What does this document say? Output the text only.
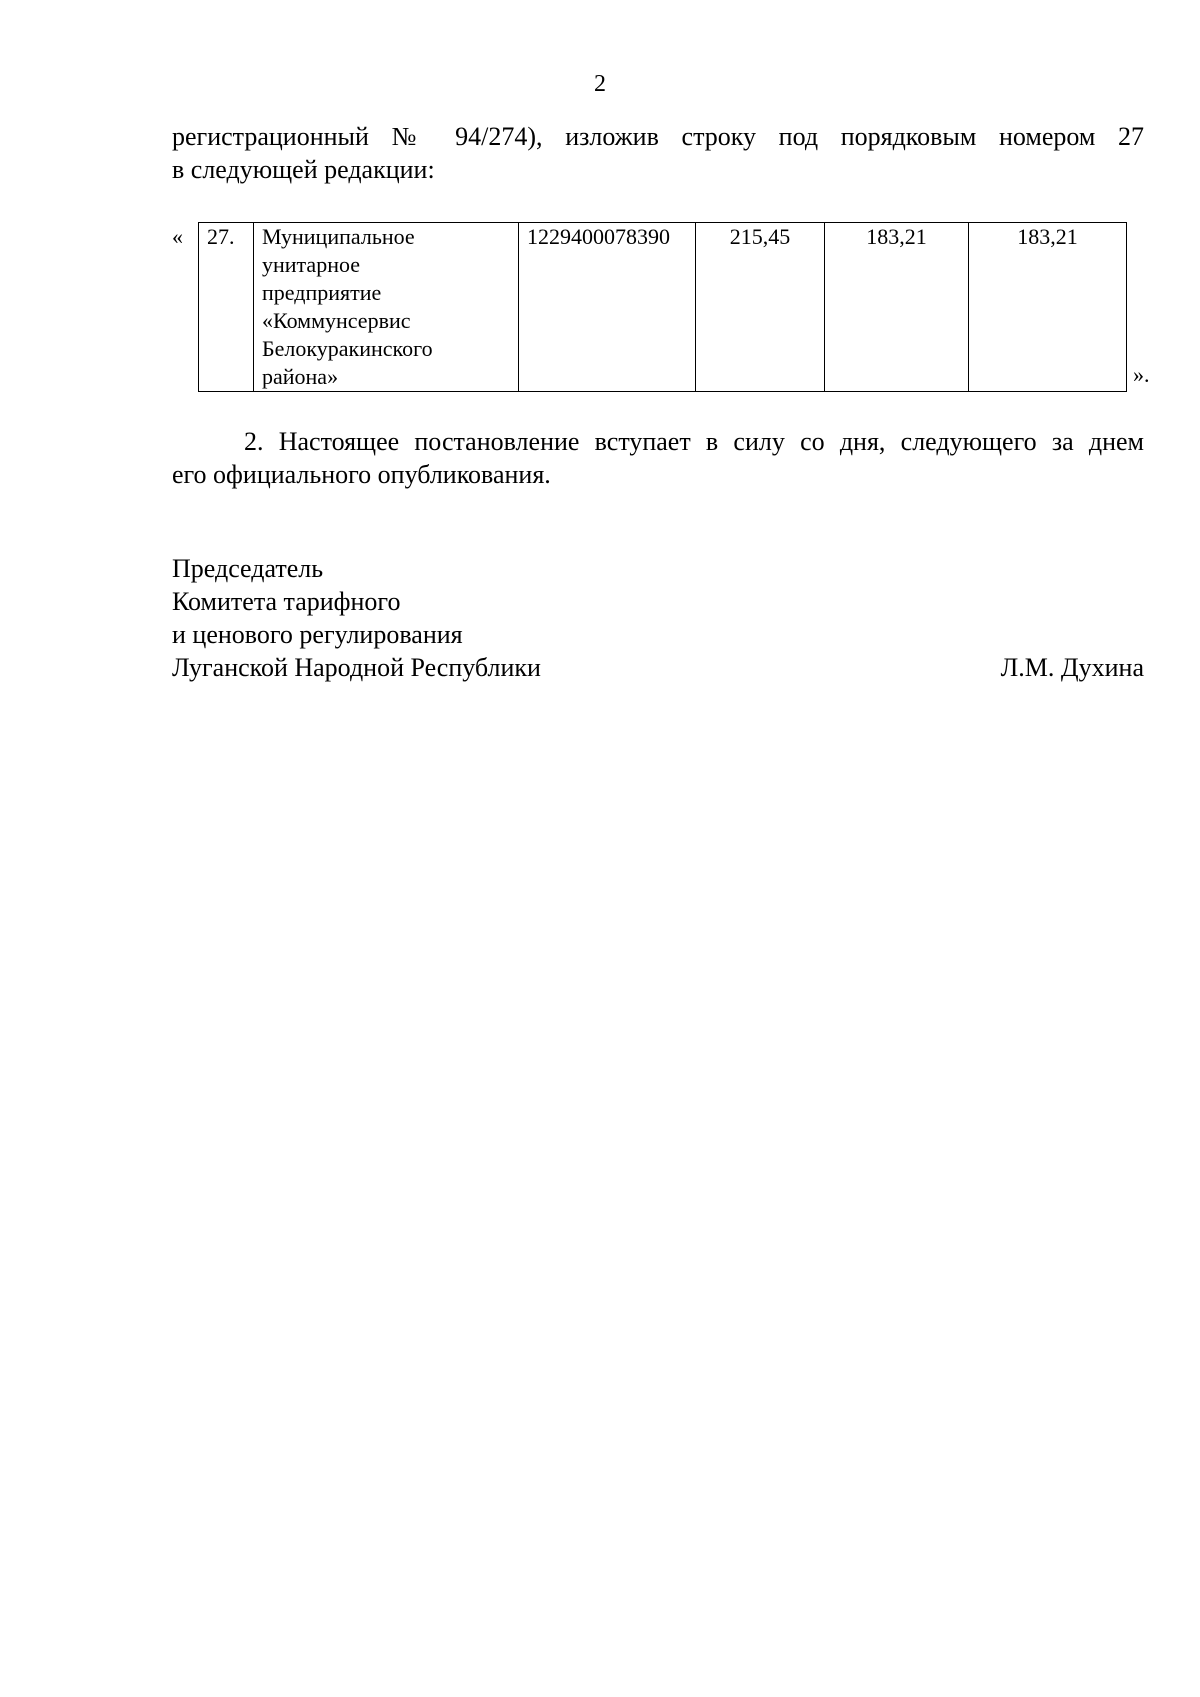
2
регистрационный № 94/274), изложив строку под порядковым номером 27
в следующей редакции:
« 27.	Муниципальное
унитарное
предприятие
«Коммунсервис
Белокуракинского
района»
	1229400078390	215,45	183,21	183,21
».
2. Настоящее постановление вступает в силу со дня, следующего за днем
его официального опубликования.
Председатель
Комитета тарифного
и ценового регулирования
Луганской Народной Республики	Л.М. Духина
